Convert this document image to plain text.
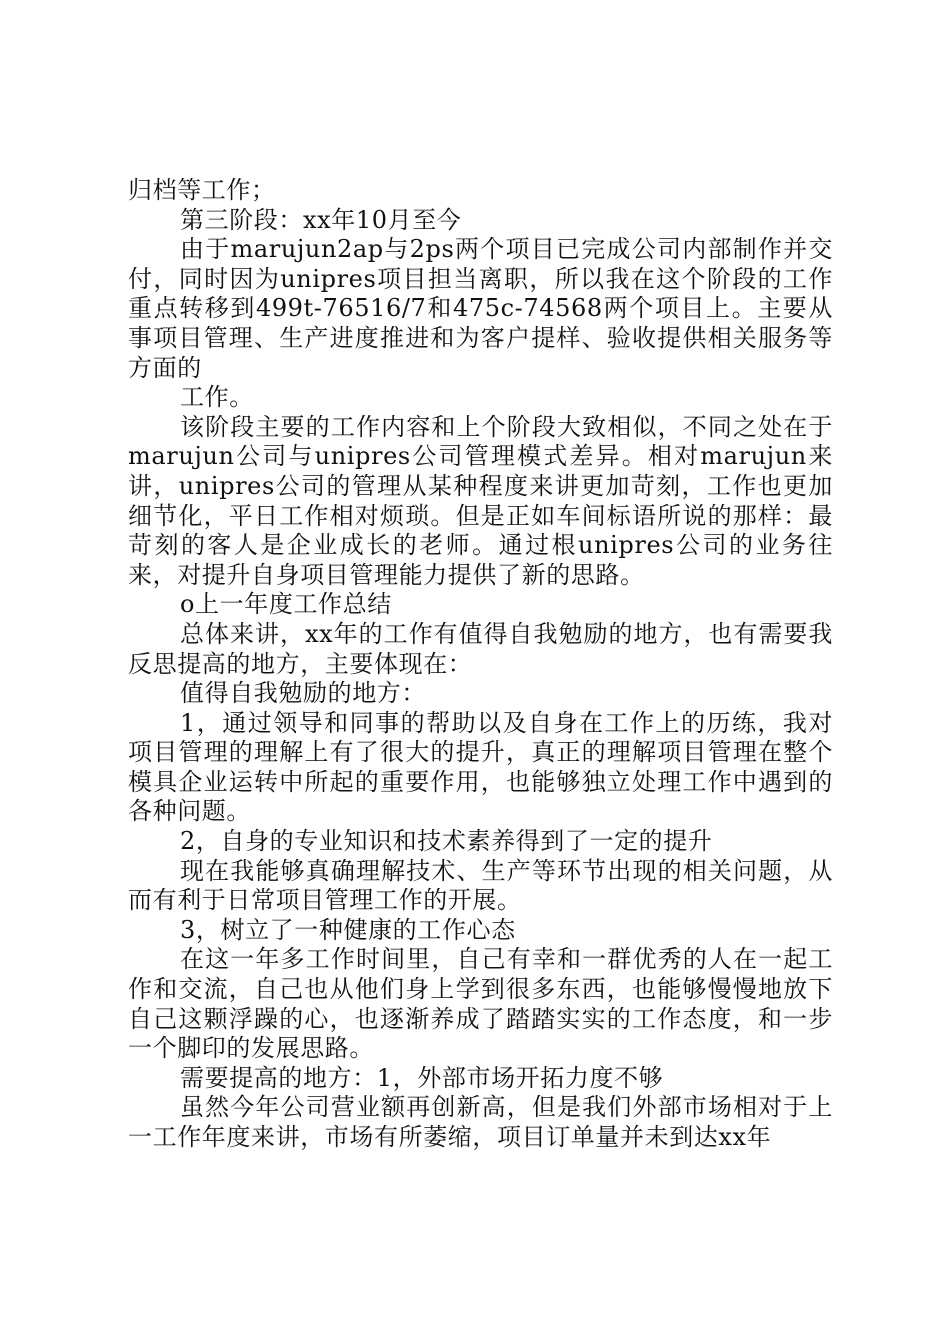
归档等工作；

第三阶段：xx年10月至今

由于marujun2ap与2ps两个项目已完成公司内部制作并交付，同时因为unipres项目担当离职，所以我在这个阶段的工作重点转移到499t-76516/7和475c-74568两个项目上。主要从事项目管理、生产进度推进和为客户提样、验收提供相关服务等方面的

工作。

该阶段主要的工作内容和上个阶段大致相似，不同之处在于marujun公司与unipres公司管理模式差异。相对marujun来讲，unipres公司的管理从某种程度来讲更加苛刻，工作也更加细节化，平日工作相对烦琐。但是正如车间标语所说的那样：最苛刻的客人是企业成长的老师。通过根unipres公司的业务往来，对提升自身项目管理能力提供了新的思路。

o上一年度工作总结

总体来讲，xx年的工作有值得自我勉励的地方，也有需要我反思提高的地方，主要体现在：

值得自我勉励的地方：

1，通过领导和同事的帮助以及自身在工作上的历练，我对项目管理的理解上有了很大的提升，真正的理解项目管理在整个模具企业运转中所起的重要作用，也能够独立处理工作中遇到的各种问题。

2，自身的专业知识和技术素养得到了一定的提升

现在我能够真确理解技术、生产等环节出现的相关问题，从而有利于日常项目管理工作的开展。

3，树立了一种健康的工作心态

在这一年多工作时间里，自己有幸和一群优秀的人在一起工作和交流，自己也从他们身上学到很多东西，也能够慢慢地放下自己这颗浮躁的心，也逐渐养成了踏踏实实的工作态度，和一步一个脚印的发展思路。

需要提高的地方：1，外部市场开拓力度不够

虽然今年公司营业额再创新高，但是我们外部市场相对于上一工作年度来讲，市场有所萎缩，项目订单量并未到达xx年
